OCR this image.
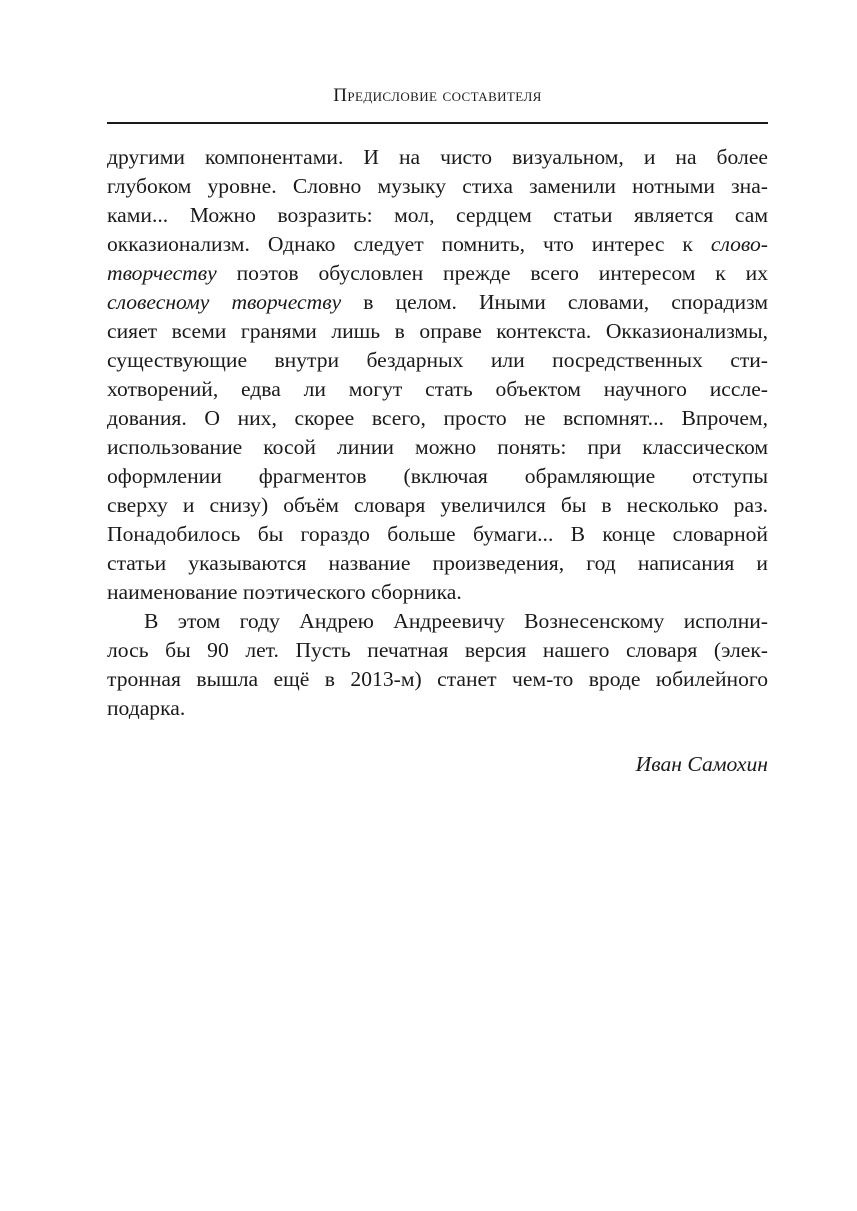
Предисловие составителя
другими компонентами. И на чисто визуальном, и на более
глубоком уровне. Словно музыку стиха заменили нотными зна-
ками... Можно возразить: мол, сердцем статьи является сам
окказионализм. Однако следует помнить, что интерес к слово-
творчеству поэтов обусловлен прежде всего интересом к их
словесному творчеству в целом. Иными словами, спорадизм
сияет всеми гранями лишь в оправе контекста. Окказионализмы,
существующие внутри бездарных или посредственных сти-
хотворений, едва ли могут стать объектом научного иссле-
дования. О них, скорее всего, просто не вспомнят... Впрочем,
использование косой линии можно понять: при классическом
оформлении фрагментов (включая обрамляющие отступы
сверху и снизу) объём словаря увеличился бы в несколько раз.
Понадобилось бы гораздо больше бумаги... В конце словарной
статьи указываются название произведения, год написания и
наименование поэтического сборника.
В этом году Андрею Андреевичу Вознесенскому исполни-
лось бы 90 лет. Пусть печатная версия нашего словаря (элек-
тронная вышла ещё в 2013-м) станет чем-то вроде юбилейного
подарка.
Иван Самохин
